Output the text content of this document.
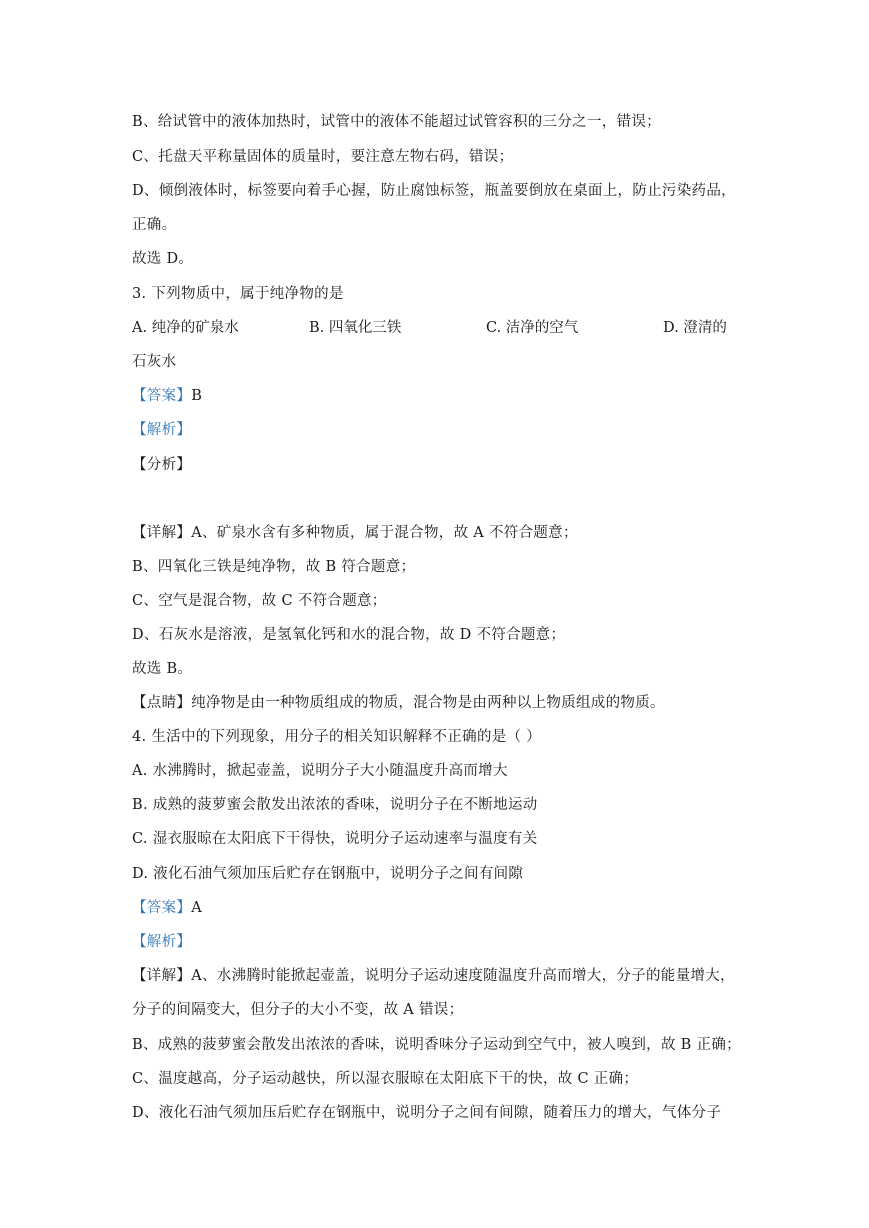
B、给试管中的液体加热时，试管中的液体不能超过试管容积的三分之一，错误；
C、托盘天平称量固体的质量时，要注意左物右码，错误；
D、倾倒液体时，标签要向着手心握，防止腐蚀标签，瓶盖要倒放在桌面上，防止污染药品，
正确。
故选 D。
3. 下列物质中，属于纯净物的是
A. 纯净的矿泉水	B. 四氧化三铁	C. 洁净的空气	D. 澄清的
石灰水
【答案】B
【解析】
【分析】
【详解】A、矿泉水含有多种物质，属于混合物，故 A 不符合题意；
B、四氧化三铁是纯净物，故 B 符合题意；
C、空气是混合物，故 C 不符合题意；
D、石灰水是溶液，是氢氧化钙和水的混合物，故 D 不符合题意；
故选 B。
【点睛】纯净物是由一种物质组成的物质，混合物是由两种以上物质组成的物质。
4. 生活中的下列现象，用分子的相关知识解释不正确的是（ ）
A. 水沸腾时，掀起壶盖，说明分子大小随温度升高而增大
B. 成熟的菠萝蜜会散发出浓浓的香味，说明分子在不断地运动
C. 湿衣服晾在太阳底下干得快，说明分子运动速率与温度有关
D. 液化石油气须加压后贮存在钢瓶中，说明分子之间有间隙
【答案】A
【解析】
【详解】A、水沸腾时能掀起壶盖，说明分子运动速度随温度升高而增大，分子的能量增大，
分子的间隔变大，但分子的大小不变，故 A 错误；
B、成熟的菠萝蜜会散发出浓浓的香味，说明香味分子运动到空气中，被人嗅到，故 B 正确；
C、温度越高，分子运动越快，所以湿衣服晾在太阳底下干的快，故 C 正确；
D、液化石油气须加压后贮存在钢瓶中，说明分子之间有间隙，随着压力的增大，气体分子
